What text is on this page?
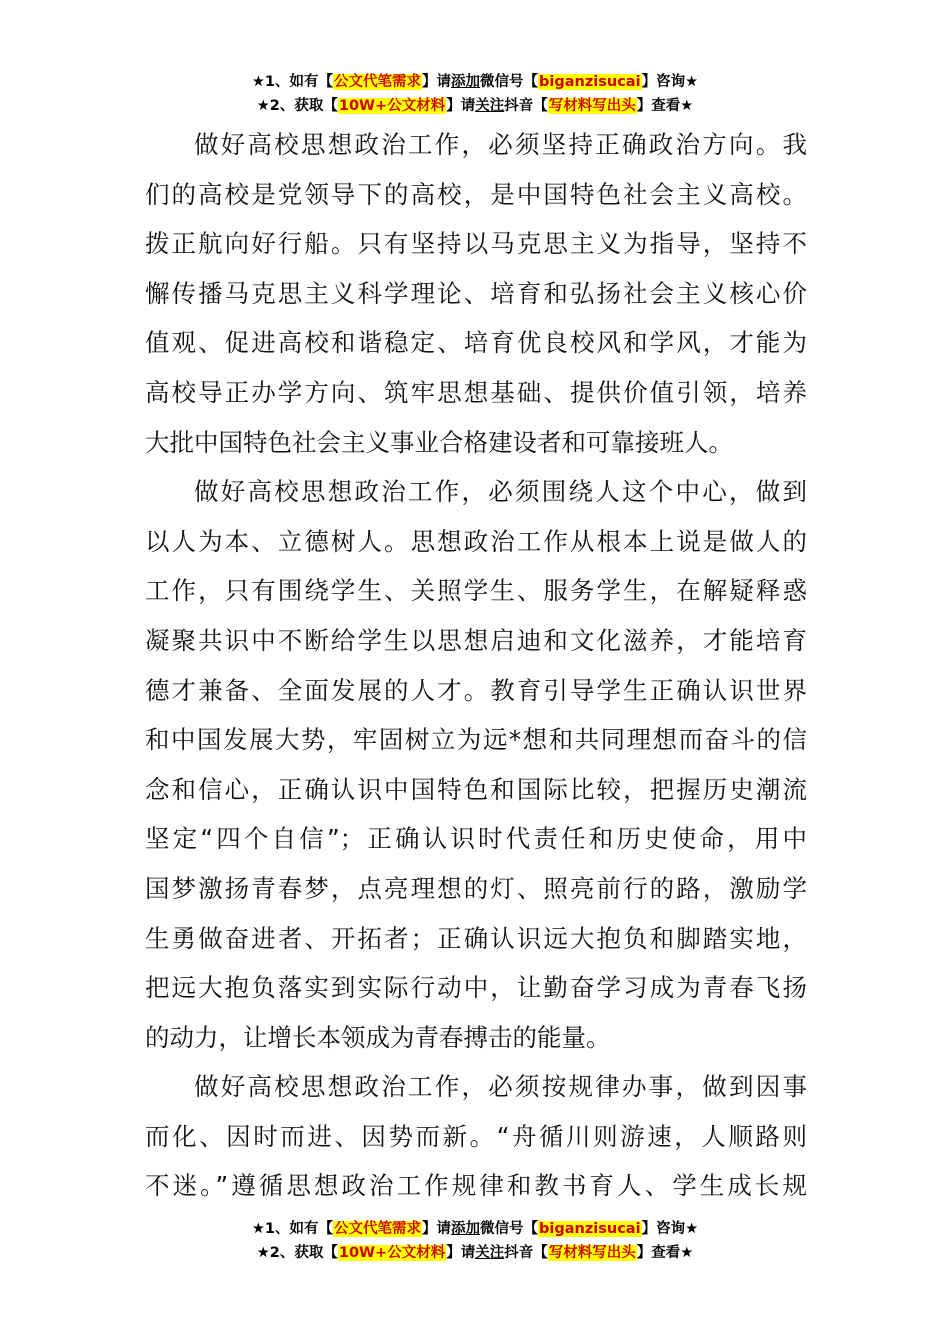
★1、如有【公文代笔需求】请添加微信号【biganzisucai】咨询★
★2、获取【10W+公文材料】请关注抖音【写材料写出头】查看★

做好高校思想政治工作，必须坚持正确政治方向。我
们的高校是党领导下的高校，是中国特色社会主义高校。
拨正航向好行船。只有坚持以马克思主义为指导，坚持不
懈传播马克思主义科学理论、培育和弘扬社会主义核心价
值观、促进高校和谐稳定、培育优良校风和学风，才能为
高校导正办学方向、筑牢思想基础、提供价值引领，培养
大批中国特色社会主义事业合格建设者和可靠接班人。

做好高校思想政治工作，必须围绕人这个中心，做到
以人为本、立德树人。思想政治工作从根本上说是做人的
工作，只有围绕学生、关照学生、服务学生，在解疑释惑
凝聚共识中不断给学生以思想启迪和文化滋养，才能培育
德才兼备、全面发展的人才。教育引导学生正确认识世界
和中国发展大势，牢固树立为远*想和共同理想而奋斗的信
念和信心，正确认识中国特色和国际比较，把握历史潮流
坚定“四个自信”；正确认识时代责任和历史使命，用中
国梦激扬青春梦，点亮理想的灯、照亮前行的路，激励学
生勇做奋进者、开拓者；正确认识远大抱负和脚踏实地，
把远大抱负落实到实际行动中，让勤奋学习成为青春飞扬
的动力，让增长本领成为青春搏击的能量。

做好高校思想政治工作，必须按规律办事，做到因事
而化、因时而进、因势而新。“舟循川则游速，人顺路则
不迷。”遵循思想政治工作规律和教书育人、学生成长规

★1、如有【公文代笔需求】请添加微信号【biganzisucai】咨询★
★2、获取【10W+公文材料】请关注抖音【写材料写出头】查看★
